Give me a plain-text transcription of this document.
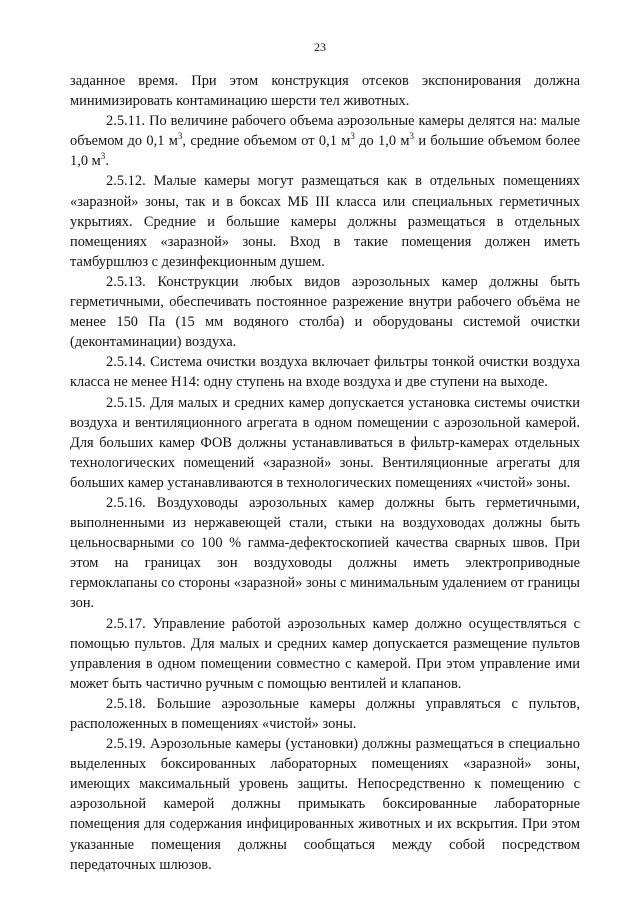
23

заданное время. При этом конструкция отсеков экспонирования должна минимизировать контаминацию шерсти тел животных.

2.5.11. По величине рабочего объема аэрозольные камеры делятся на: малые объемом до 0,1 $м^3$, средние объемом от 0,1 $м^3$ до 1,0 $м^3$ и большие объемом более 1,0 $м^3$.

2.5.12. Малые камеры могут размещаться как в отдельных помещениях «заразной» зоны, так и в боксах МБ III класса или специальных герметичных укрытиях. Средние и большие камеры должны размещаться в отдельных помещениях «заразной» зоны. Вход в такие помещения должен иметь тамбуршлюз с дезинфекционным душем.

2.5.13. Конструкции любых видов аэрозольных камер должны быть герметичными, обеспечивать постоянное разрежение внутри рабочего объёма не менее 150 Па (15 мм водяного столба) и оборудованы системой очистки (деконтаминации) воздуха.

2.5.14. Система очистки воздуха включает фильтры тонкой очистки воздуха класса не менее Н14: одну ступень на входе воздуха и две ступени на выходе.

2.5.15. Для малых и средних камер допускается установка системы очистки воздуха и вентиляционного агрегата в одном помещении с аэрозольной камерой. Для больших камер ФОВ должны устанавливаться в фильтр-камерах отдельных технологических помещений «заразной» зоны. Вентиляционные агрегаты для больших камер устанавливаются в технологических помещениях «чистой» зоны.

2.5.16. Воздуховоды аэрозольных камер должны быть герметичными, выполненными из нержавеющей стали, стыки на воздуховодах должны быть цельносварными со 100 % гамма-дефектоскопией качества сварных швов. При этом на границах зон воздуховоды должны иметь электроприводные гермоклапаны со стороны «заразной» зоны с минимальным удалением от границы зон.

2.5.17. Управление работой аэрозольных камер должно осуществляться с помощью пультов. Для малых и средних камер допускается размещение пультов управления в одном помещении совместно с камерой. При этом управление ими может быть частично ручным с помощью вентилей и клапанов.

2.5.18. Большие аэрозольные камеры должны управляться с пультов, расположенных в помещениях «чистой» зоны.

2.5.19. Аэрозольные камеры (установки) должны размещаться в специально выделенных боксированных лабораторных помещениях «заразной» зоны, имеющих максимальный уровень защиты. Непосредственно к помещению с аэрозольной камерой должны примыкать боксированные лабораторные помещения для содержания инфицированных животных и их вскрытия. При этом указанные помещения должны сообщаться между собой посредством передаточных шлюзов.
